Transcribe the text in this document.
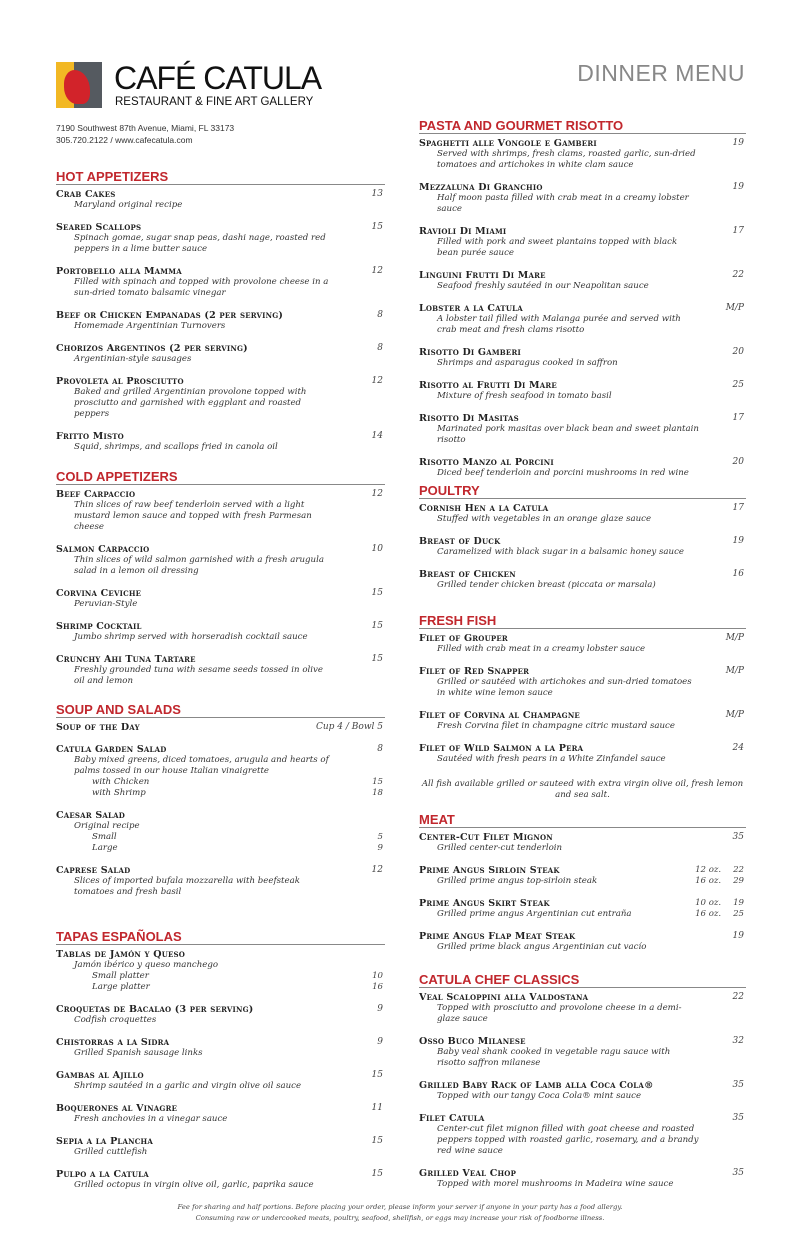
CAFÉ CATULA
RESTAURANT & FINE ART GALLERY
7190 Southwest 87th Avenue, Miami, FL 33173
305.720.2122 / www.cafecatula.com
DINNER MENU
HOT APPETIZERS
Crab Cakes	13
Maryland original recipe
Seared Scallops	15
Spinach gomae, sugar snap peas, dashi nage, roasted red peppers in a lime butter sauce
Portobello alla Mamma	12
Filled with spinach and topped with provolone cheese in a sun-dried tomato balsamic vinegar
Beef or Chicken Empanadas (2 per serving)	8
Homemade Argentinian Turnovers
Chorizos Argentinos (2 per serving)	8
Argentinian-style sausages
Provoleta al Prosciutto	12
Baked and grilled Argentinian provolone topped with prosciutto and garnished with eggplant and roasted peppers
Fritto Misto	14
Squid, shrimps, and scallops fried in canola oil
COLD APPETIZERS
Beef Carpaccio	12
Thin slices of raw beef tenderloin served with a light mustard lemon sauce and topped with fresh Parmesan cheese
Salmon Carpaccio	10
Thin slices of wild salmon garnished with a fresh arugula salad in a lemon oil dressing
Corvina Ceviche	15
Peruvian-Style
Shrimp Cocktail	15
Jumbo shrimp served with horseradish cocktail sauce
Crunchy Ahi Tuna Tartare	15
Freshly grounded tuna with sesame seeds tossed in olive oil and lemon
SOUP AND SALADS
Soup of the Day	Cup 4 / Bowl 5
Catula Garden Salad	8
Baby mixed greens, diced tomatoes, arugula and hearts of palms tossed in our house Italian vinaigrette
with Chicken	15
with Shrimp	18
Caesar Salad
Original recipe
Small	5
Large	9
Caprese Salad	12
Slices of imported bufala mozzarella with beefsteak tomatoes and fresh basil
TAPAS ESPAÑOLAS
Tablas de Jamón y Queso
Jamón ibérico y queso manchego
Small platter	10
Large platter	16
Croquetas de Bacalao (3 per serving)	9
Codfish croquettes
Chistorras a la Sidra	9
Grilled Spanish sausage links
Gambas al Ajillo	15
Shrimp sautéed in a garlic and virgin olive oil sauce
Boquerones al Vinagre	11
Fresh anchovies in a vinegar sauce
Sepia a la Plancha	15
Grilled cuttlefish
Pulpo a la Catula	15
Grilled octopus in virgin olive oil, garlic, paprika sauce
PASTA AND GOURMET RISOTTO
Spaghetti alle Vongole e Gamberi	19
Served with shrimps, fresh clams, roasted garlic, sun-dried tomatoes and artichokes in white clam sauce
Mezzaluna Di Granchio	19
Half moon pasta filled with crab meat in a creamy lobster sauce
Ravioli Di Miami	17
Filled with pork and sweet plantains topped with black bean purée sauce
Linguini Frutti Di Mare	22
Seafood freshly sautéed in our Neapolitan sauce
Lobster a la Catula	M/P
A lobster tail filled with Malanga purée and served with crab meat and fresh clams risotto
Risotto Di Gamberi	20
Shrimps and asparagus cooked in saffron
Risotto al Frutti Di Mare	25
Mixture of fresh seafood in tomato basil
Risotto Di Masitas	17
Marinated pork masitas over black bean and sweet plantain risotto
Risotto Manzo al Porcini	20
Diced beef tenderloin and porcini mushrooms in red wine
POULTRY
Cornish Hen a la Catula	17
Stuffed with vegetables in an orange glaze sauce
Breast of Duck	19
Caramelized with black sugar in a balsamic honey sauce
Breast of Chicken	16
Grilled tender chicken breast (piccata or marsala)
FRESH FISH
Filet of Grouper	M/P
Filled with crab meat in a creamy lobster sauce
Filet of Red Snapper	M/P
Grilled or sautéed with artichokes and sun-dried tomatoes in white wine lemon sauce
Filet of Corvina al Champagne	M/P
Fresh Corvina filet in champagne citric mustard sauce
Filet of Wild Salmon a la Pera	24
Sautéed with fresh pears in a White Zinfandel sauce
All fish available grilled or sauteed with extra virgin olive oil, fresh lemon and sea salt.
MEAT
Center-Cut Filet Mignon	35
Grilled center-cut tenderloin
Prime Angus Sirloin Steak
Grilled prime angus top-sirloin steak
12 oz. 22
16 oz. 29
Prime Angus Skirt Steak
Grilled prime angus Argentinian cut entraña
10 oz. 19
16 oz. 25
Prime Angus Flap Meat Steak	19
Grilled prime black angus Argentinian cut vacío
CATULA CHEF CLASSICS
Veal Scaloppini alla Valdostana	22
Topped with prosciutto and provolone cheese in a demi-glaze sauce
Osso Buco Milanese	32
Baby veal shank cooked in vegetable ragu sauce with risotto saffron milanese
Grilled Baby Rack of Lamb alla Coca Cola®	35
Topped with our tangy Coca Cola® mint sauce
Filet Catula	35
Center-cut filet mignon filled with goat cheese and roasted peppers topped with roasted garlic, rosemary, and a brandy red wine sauce
Grilled Veal Chop	35
Topped with morel mushrooms in Madeira wine sauce
Fee for sharing and half portions. Before placing your order, please inform your server if anyone in your party has a food allergy.
Consuming raw or undercooked meats, poultry, seafood, shellfish, or eggs may increase your risk of foodborne illness.
